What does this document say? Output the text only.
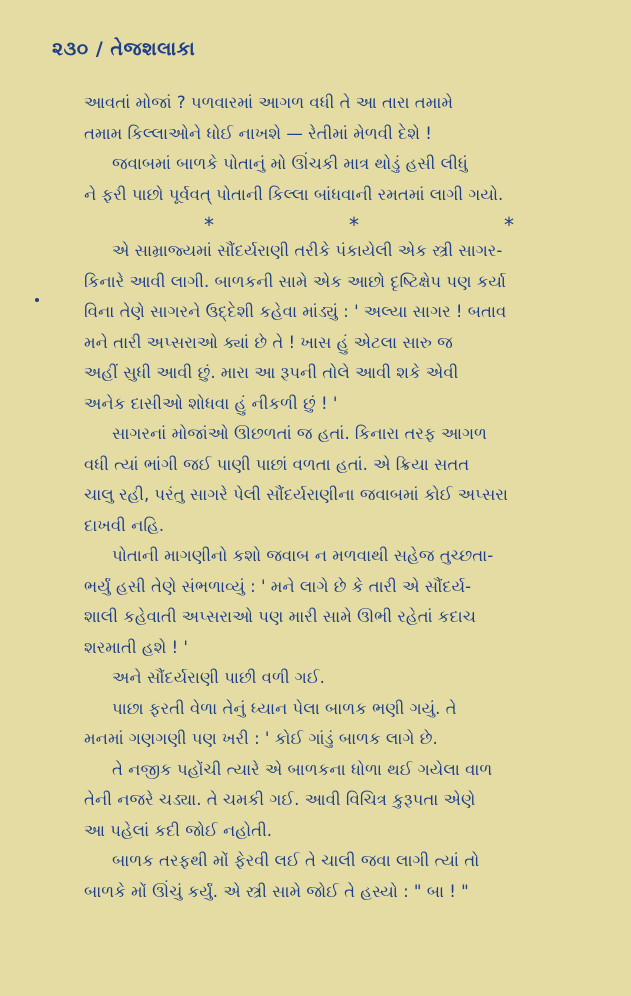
૨૩૦ / તેજશલાકા
આવતાં મોજાં ? પળવારમાં આગળ વધી તે આ તારા તમામે
તમામ કિલ્લાઓને ધોઈ નાખશે — રેતીમાં મેળવી દેશે !
જવાબમાં બાળકે પોતાનું મો ઊંચકી માત્ર થોડું હસી લીધું
ને ફરી પાછો પૂર્વવત્ પોતાની કિલ્લા બાંધવાની રમતમાં લાગી ગયો.
*	*	*
એ સામ્રાજ્યમાં સૌંદર્યરાણી તરીકે પંકાયેલી એક સ્ત્રી સાગર-
કિનારે આવી લાગી. બાળકની સામે એક આછો દૃષ્ટિક્ષેપ પણ કર્યા
વિના તેણે સાગરને ઉદ્દેશી કહેવા માંડ્યું : ' અલ્યા સાગર ! બતાવ
મને તારી અપ્સરાઓ ક્યાં છે તે ! ખાસ હું એટલા સારુ જ
અહીં સુધી આવી છું. મારા આ રૂપની તોલે આવી શકે એવી
અનેક દાસીઓ શોધવા હું નીકળી છું ! '
સાગરનાં મોજાંઓ ઊછળતાં જ હતાં. કિનારા તરફ આગળ
વધી ત્યાં ભાંગી જઈ પાણી પાછાં વળતા હતાં. એ ક્રિયા સતત
ચાલુ રહી, પરંતુ સાગરે પેલી સૌંદર્યરાણીના જવાબમાં કોઈ અપ્સરા
દાખવી નહિ.
પોતાની માગણીનો કશો જવાબ ન મળવાથી સહેજ તુચ્છતા-
ભર્યું હસી તેણે સંભળાવ્યું : ' મને લાગે છે કે તારી એ સૌંદર્ય-
શાલી કહેવાતી અપ્સરાઓ પણ મારી સામે ઊભી રહેતાં કદાચ
શરમાતી હશે ! '
અને સૌંદર્યરાણી પાછી વળી ગઈ.
પાછા ફરતી વેળા તેનું ધ્યાન પેલા બાળક ભણી ગયું. તે
મનમાં ગણગણી પણ ખરી : ' કોઈ ગાંડું બાળક લાગે છે.
તે નજીક પહોંચી ત્યારે એ બાળકના ધોળા થઈ ગયેલા વાળ
તેની નજરે ચડ્યા. તે ચમકી ગઈ. આવી વિચિત્ર કુરૂપતા એણે
આ પહેલાં કદી જોઈ નહોતી.
બાળક તરફથી મોં ફેરવી લઈ તે ચાલી જવા લાગી ત્યાં તો
બાળકે મોં ઊંચું કર્યું. એ સ્ત્રી સામે જોઈ તે હસ્યો : " બા ! "
